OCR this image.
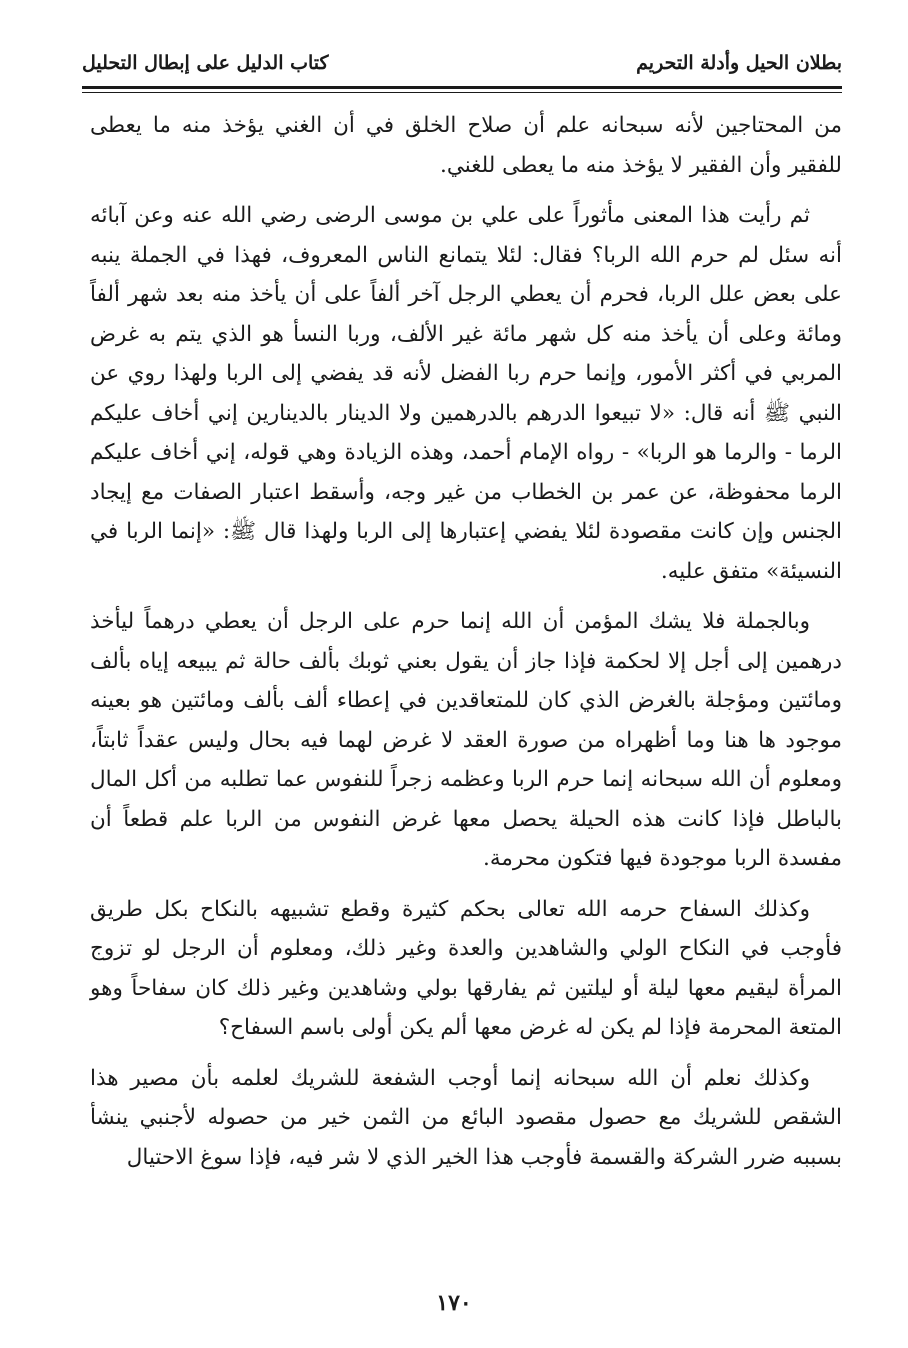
بطلان الحيل وأدلة التحريم
كتاب الدليل على إبطال التحليل

من المحتاجين لأنه سبحانه علم أن صلاح الخلق في أن الغني يؤخذ منه ما يعطى للفقير وأن الفقير لا يؤخذ منه ما يعطى للغني.

ثم رأيت هذا المعنى مأثوراً على علي بن موسى الرضى رضي الله عنه وعن آبائه أنه سئل لم حرم الله الربا؟ فقال: لئلا يتمانع الناس المعروف، فهذا في الجملة ينبه على بعض علل الربا، فحرم أن يعطي الرجل آخر ألفاً على أن يأخذ منه بعد شهر ألفاً ومائة وعلى أن يأخذ منه كل شهر مائة غير الألف، وربا النسأ هو الذي يتم به غرض المربي في أكثر الأمور، وإنما حرم ربا الفضل لأنه قد يفضي إلى الربا ولهذا روي عن النبي ﷺ أنه قال: «لا تبيعوا الدرهم بالدرهمين ولا الدينار بالدينارين إني أخاف عليكم الرما - والرما هو الربا» - رواه الإمام أحمد، وهذه الزيادة وهي قوله، إني أخاف عليكم الرما محفوظة، عن عمر بن الخطاب من غير وجه، وأسقط اعتبار الصفات مع إيجاد الجنس وإن كانت مقصودة لئلا يفضي إعتبارها إلى الربا ولهذا قال ﷺ: «إنما الربا في النسيئة» متفق عليه.

وبالجملة فلا يشك المؤمن أن الله إنما حرم على الرجل أن يعطي درهماً ليأخذ درهمين إلى أجل إلا لحكمة فإذا جاز أن يقول بعني ثوبك بألف حالة ثم يبيعه إياه بألف ومائتين ومؤجلة بالغرض الذي كان للمتعاقدين في إعطاء ألف بألف ومائتين هو بعينه موجود ها هنا وما أظهراه من صورة العقد لا غرض لهما فيه بحال وليس عقداً ثابتاً، ومعلوم أن الله سبحانه إنما حرم الربا وعظمه زجراً للنفوس عما تطلبه من أكل المال بالباطل فإذا كانت هذه الحيلة يحصل معها غرض النفوس من الربا علم قطعاً أن مفسدة الربا موجودة فيها فتكون محرمة.

وكذلك السفاح حرمه الله تعالى بحكم كثيرة وقطع تشبيهه بالنكاح بكل طريق فأوجب في النكاح الولي والشاهدين والعدة وغير ذلك، ومعلوم أن الرجل لو تزوج المرأة ليقيم معها ليلة أو ليلتين ثم يفارقها بولي وشاهدين وغير ذلك كان سفاحاً وهو المتعة المحرمة فإذا لم يكن له غرض معها ألم يكن أولى باسم السفاح؟

وكذلك نعلم أن الله سبحانه إنما أوجب الشفعة للشريك لعلمه بأن مصير هذا الشقص للشريك مع حصول مقصود البائع من الثمن خير من حصوله لأجنبي ينشأ بسببه ضرر الشركة والقسمة فأوجب هذا الخير الذي لا شر فيه، فإذا سوغ الاحتيال

١٧٠
